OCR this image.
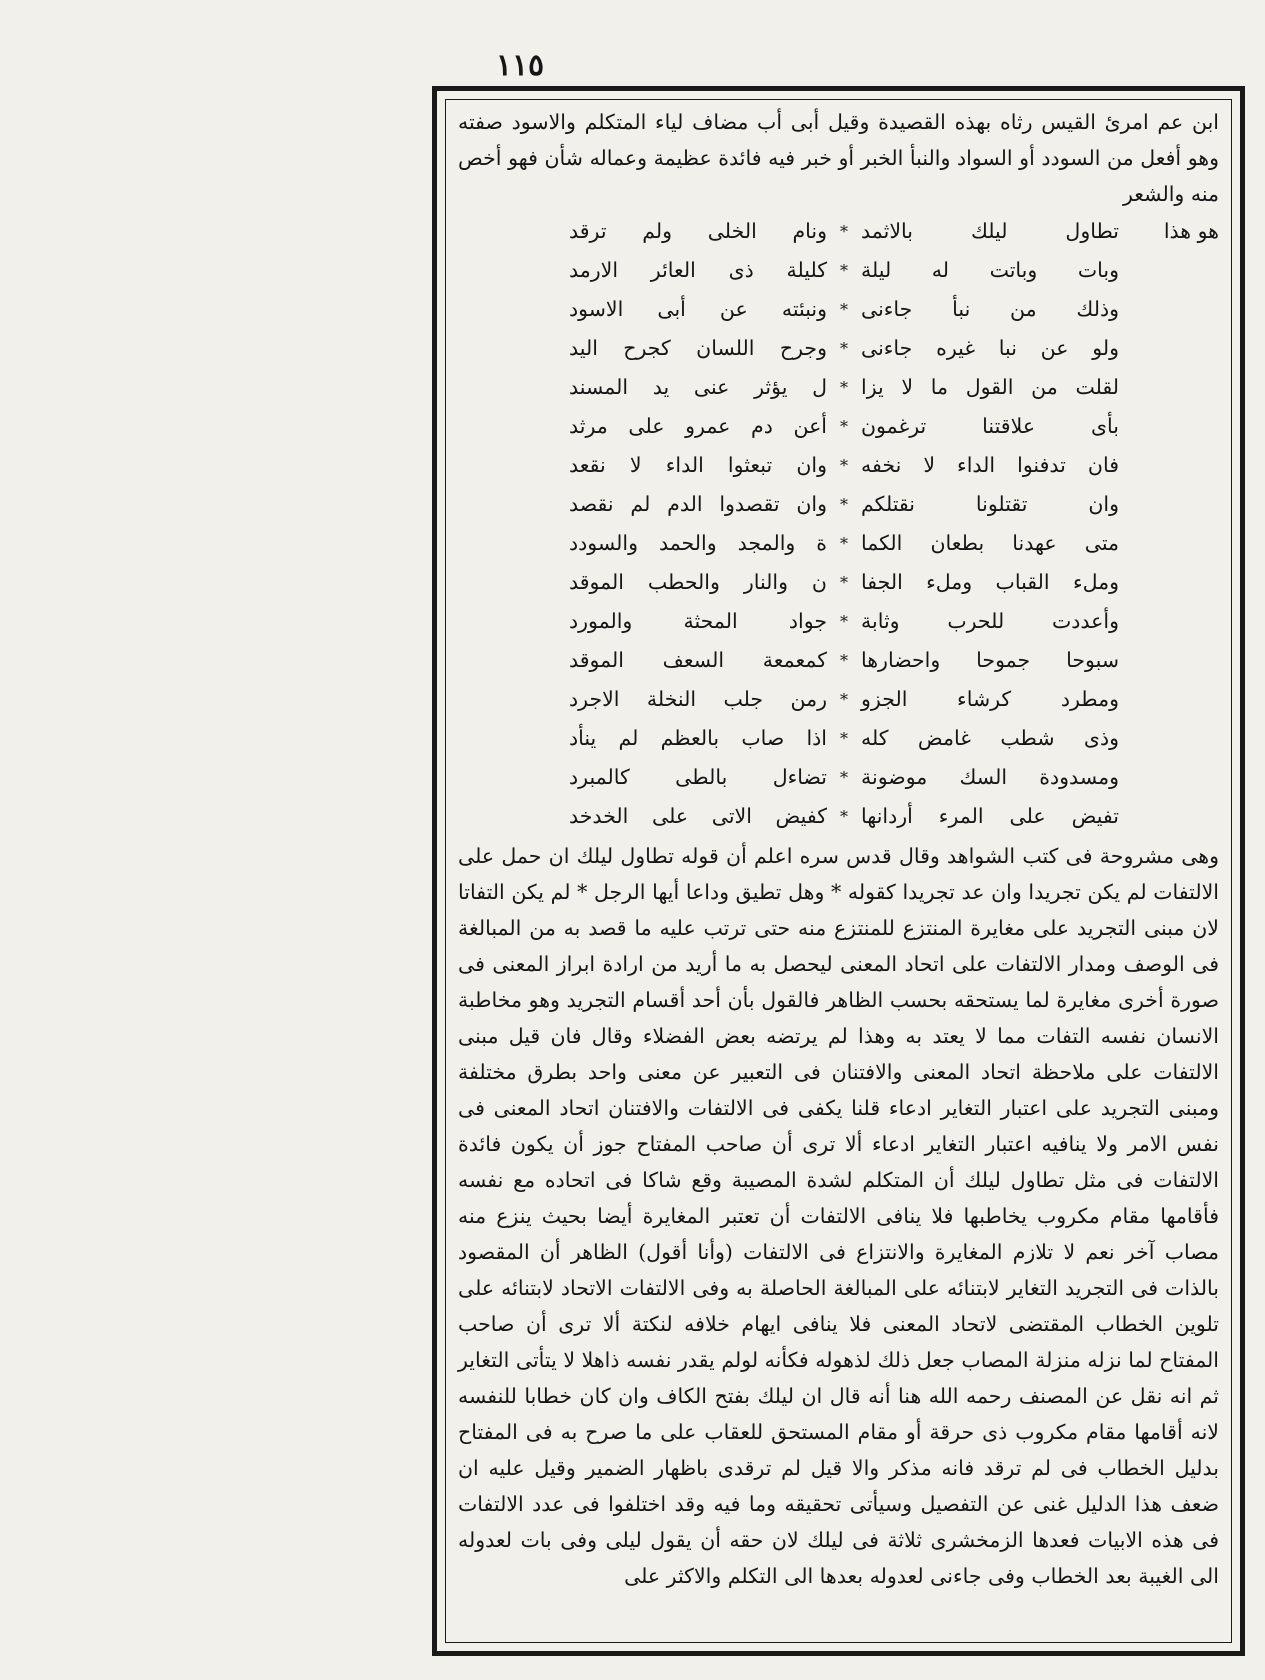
١١٥

ابن عم امرئ القيس رثاه بهذه القصيدة وقيل أبى أب مضاف لياء المتكلم والاسود صفته وهو أفعل من السودد أو السواد والنبأ الخبر أو خبر فيه فائدة عظيمة وعماله شأن فهو أخص منه والشعر

هو هذا
تطاول ليلك بالاثمد
*
ونام الخلى ولم ترقد
وبات وباتت له ليلة
*
كليلة ذى العائر الارمد
وذلك من نبأ جاءنى
*
ونبئته عن أبى الاسود
ولو عن نبا غيره جاءنى
*
وجرح اللسان كجرح اليد
لقلت من القول ما لا يزا
*
ل يؤثر عنى يد المسند
بأى علاقتنا ترغمون
*
أعن دم عمرو على مرثد
فان تدفنوا الداء لا نخفه
*
وان تبعثوا الداء لا نقعد
وان تقتلونا نقتلكم
*
وان تقصدوا الدم لم نقصد
متى عهدنا بطعان الكما
*
ة والمجد والحمد والسودد
وملء القباب وملء الجفا
*
ن والنار والحطب الموقد
وأعددت للحرب وثابة
*
جواد المحثة والمورد
سبوحا جموحا واحضارها
*
كمعمعة السعف الموقد
ومطرد كرشاء الجزو
*
رمن جلب النخلة الاجرد
وذى شطب غامض كله
*
اذا صاب بالعظم لم ينأد
ومسدودة السك موضونة
*
تضاءل بالطى كالمبرد
تفيض على المرء أردانها
*
كفيض الاتى على الخدخد

وهى مشروحة فى كتب الشواهد وقال قدس سره اعلم أن قوله تطاول ليلك ان حمل على الالتفات لم يكن تجريدا وان عد تجريدا كقوله * وهل تطيق وداعا أيها الرجل * لم يكن التفاتا لان مبنى التجريد على مغايرة المنتزع للمنتزع منه حتى ترتب عليه ما قصد به من المبالغة فى الوصف ومدار الالتفات على اتحاد المعنى ليحصل به ما أريد من ارادة ابراز المعنى فى صورة أخرى مغايرة لما يستحقه بحسب الظاهر فالقول بأن أحد أقسام التجريد وهو مخاطبة الانسان نفسه التفات مما لا يعتد به وهذا لم يرتضه بعض الفضلاء وقال فان قيل مبنى الالتفات على ملاحظة اتحاد المعنى والافتنان فى التعبير عن معنى واحد بطرق مختلفة ومبنى التجريد على اعتبار التغاير ادعاء قلنا يكفى فى الالتفات والافتنان اتحاد المعنى فى نفس الامر ولا ينافيه اعتبار التغاير ادعاء ألا ترى أن صاحب المفتاح جوز أن يكون فائدة الالتفات فى مثل تطاول ليلك أن المتكلم لشدة المصيبة وقع شاكا فى اتحاده مع نفسه فأقامها مقام مكروب يخاطبها فلا ينافى الالتفات أن تعتبر المغايرة أيضا بحيث ينزع منه مصاب آخر نعم لا تلازم المغايرة والانتزاع فى الالتفات (وأنا أقول) الظاهر أن المقصود بالذات فى التجريد التغاير لابتنائه على المبالغة الحاصلة به وفى الالتفات الاتحاد لابتنائه على تلوين الخطاب المقتضى لاتحاد المعنى فلا ينافى ايهام خلافه لنكتة ألا ترى أن صاحب المفتاح لما نزله منزلة المصاب جعل ذلك لذهوله فكأنه لولم يقدر نفسه ذاهلا لا يتأتى التغاير ثم انه نقل عن المصنف رحمه الله هنا أنه قال ان ليلك بفتح الكاف وان كان خطابا للنفسه لانه أقامها مقام مكروب ذى حرقة أو مقام المستحق للعقاب على ما صرح به فى المفتاح بدليل الخطاب فى لم ترقد فانه مذكر والا قيل لم ترقدى باظهار الضمير وقيل عليه ان ضعف هذا الدليل غنى عن التفصيل وسيأتى تحقيقه وما فيه وقد اختلفوا فى عدد الالتفات فى هذه الابيات فعدها الزمخشرى ثلاثة فى ليلك لان حقه أن يقول ليلى وفى بات لعدوله الى الغيبة بعد الخطاب وفى جاءنى لعدوله بعدها الى التكلم والاكثر على
